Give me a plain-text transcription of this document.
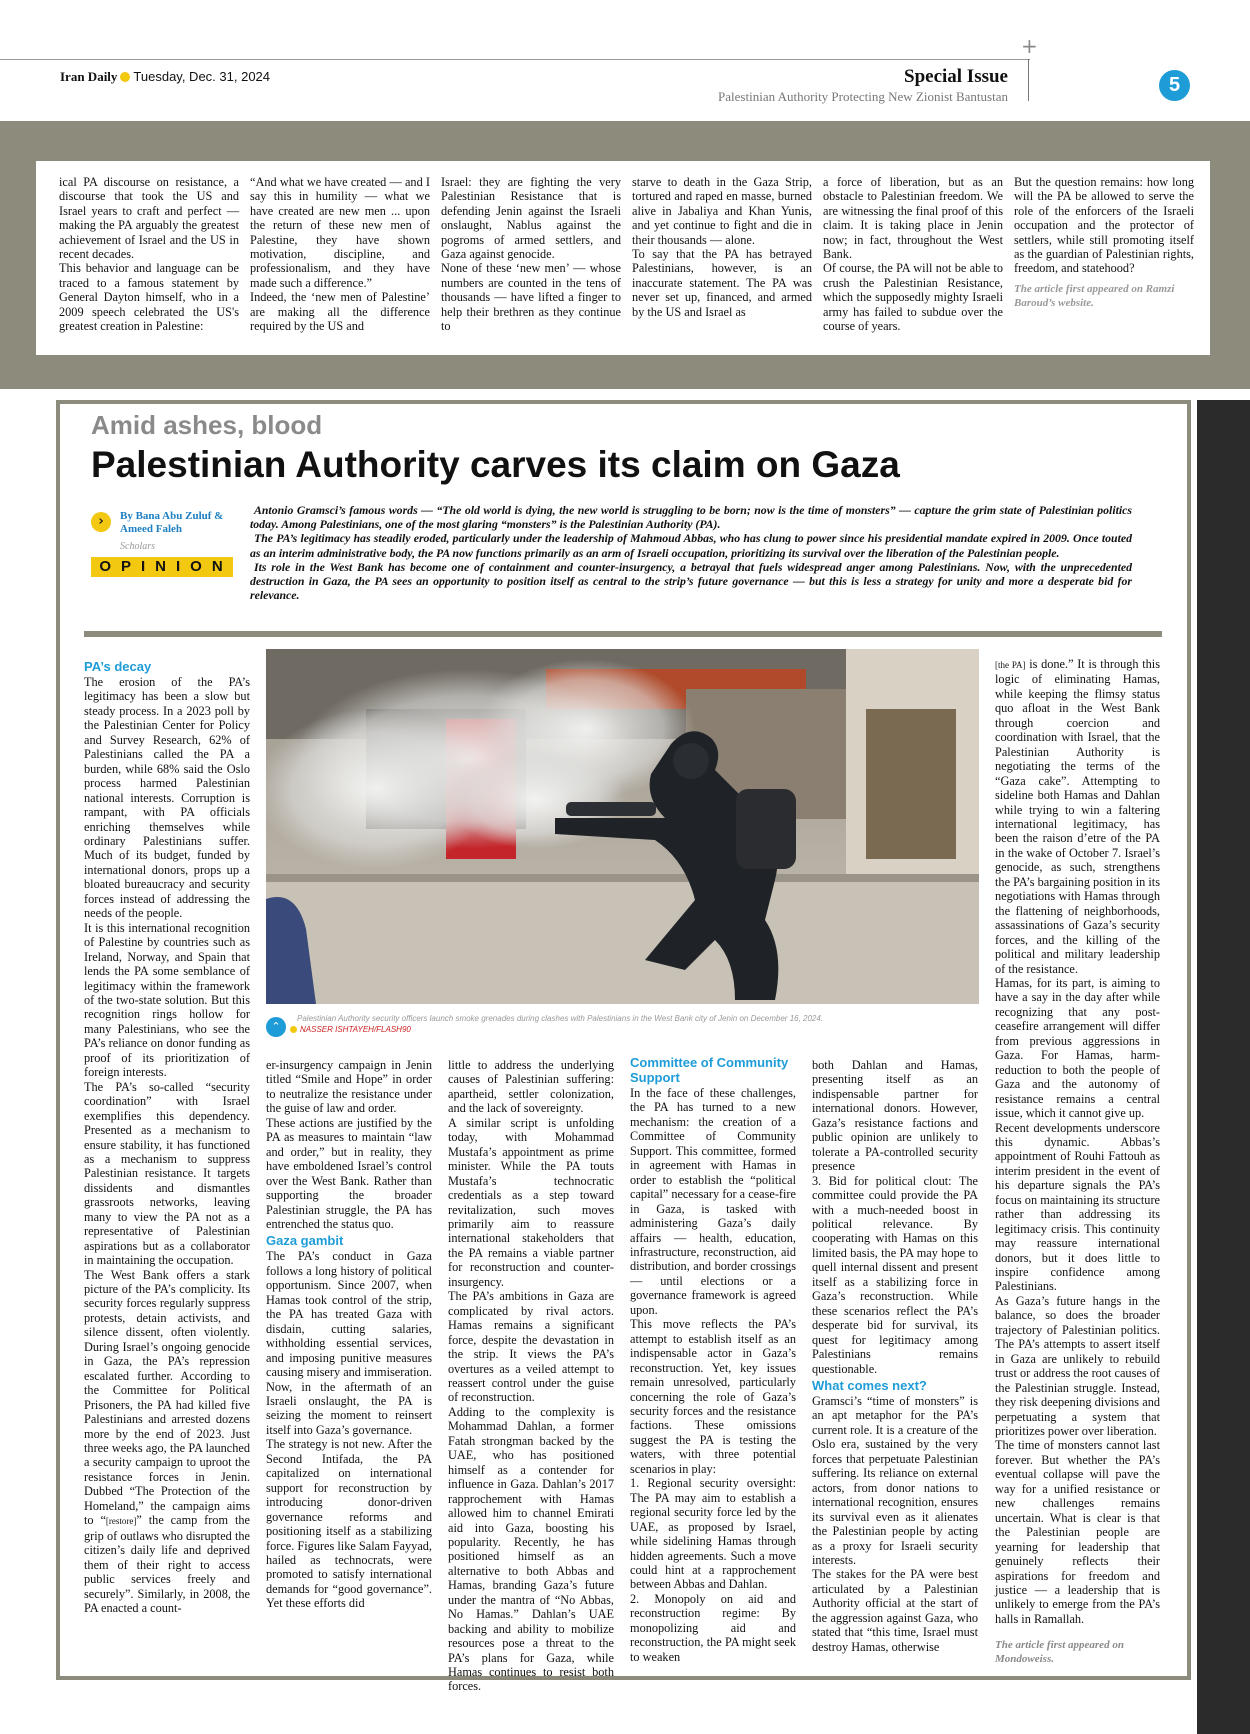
+
Iran Daily Tuesday, Dec. 31, 2024	Special Issue
Palestinian Authority Protecting New Zionist Bantustan
5

ical PA discourse on resistance, a discourse that took the US and Israel years to craft and perfect — making the PA arguably the greatest achievement of Israel and the US in recent decades.

This behavior and language can be traced to a famous statement by General Dayton himself, who in a 2009 speech celebrated the US's greatest creation in Palestine:

“And what we have created — and I say this in humility — what we have created are new men ... upon the return of these new men of Palestine, they have shown motivation, discipline, and professionalism, and they have made such a difference.”

Indeed, the ‘new men of Palestine’ are making all the difference required by the US and

Israel: they are fighting the very Palestinian Resistance that is defending Jenin against the Israeli onslaught, Nablus against the pogroms of armed settlers, and Gaza against genocide.

None of these ‘new men’ — whose numbers are counted in the tens of thousands — have lifted a finger to help their brethren as they continue to

starve to death in the Gaza Strip, tortured and raped en masse, burned alive in Jabaliya and Khan Yunis, and yet continue to fight and die in their thousands — alone.

To say that the PA has betrayed Palestinians, however, is an inaccurate statement. The PA was never set up, financed, and armed by the US and Israel as

a force of liberation, but as an obstacle to Palestinian freedom. We are witnessing the final proof of this claim. It is taking place in Jenin now; in fact, throughout the West Bank.

Of course, the PA will not be able to crush the Palestinian Resistance, which the supposedly mighty Israeli army has failed to subdue over the course of years.

But the question remains: how long will the PA be allowed to serve the role of the enforcers of the Israeli occupation and the protector of settlers, while still promoting itself as the guardian of Palestinian rights, freedom, and statehood?

The article first appeared on Ramzi Baroud’s website.

Amid ashes, blood
Palestinian Authority carves its claim on Gaza
›	By Bana Abu Zuluf & Ameed Faleh
Scholars
OPINION

Antonio Gramsci’s famous words — “The old world is dying, the new world is struggling to be born; now is the time of monsters” — capture the grim state of Palestinian politics today. Among Palestinians, one of the most glaring “monsters” is the Palestinian Authority (PA).

The PA’s legitimacy has steadily eroded, particularly under the leadership of Mahmoud Abbas, who has clung to power since his presidential mandate expired in 2009. Once touted as an interim administrative body, the PA now functions primarily as an arm of Israeli occupation, prioritizing its survival over the liberation of the Palestinian people.

Its role in the West Bank has become one of containment and counter-insurgency, a betrayal that fuels widespread anger among Palestinians. Now, with the unprecedented destruction in Gaza, the PA sees an opportunity to position itself as central to the strip’s future governance — but this is less a strategy for unity and more a desperate bid for relevance.

PA’s decay

The erosion of the PA’s legitimacy has been a slow but steady process. In a 2023 poll by the Palestinian Center for Policy and Survey Research, 62% of Palestinians called the PA a burden, while 68% said the Oslo process harmed Palestinian national interests. Corruption is rampant, with PA officials enriching themselves while ordinary Palestinians suffer. Much of its budget, funded by international donors, props up a bloated bureaucracy and security forces instead of addressing the needs of the people.

It is this international recognition of Palestine by countries such as Ireland, Norway, and Spain that lends the PA some semblance of legitimacy within the framework of the two-state solution. But this recognition rings hollow for many Palestinians, who see the PA’s reliance on donor funding as proof of its prioritization of foreign interests.

The PA’s so-called “security coordination” with Israel exemplifies this dependency. Presented as a mechanism to ensure stability, it has functioned as a mechanism to suppress Palestinian resistance. It targets dissidents and dismantles grassroots networks, leaving many to view the PA not as a representative of Palestinian aspirations but as a collaborator in maintaining the occupation.

The West Bank offers a stark picture of the PA’s complicity. Its security forces regularly suppress protests, detain activists, and silence dissent, often violently. During Israel’s ongoing genocide in Gaza, the PA’s repression escalated further. According to the Committee for Political Prisoners, the PA had killed five Palestinians and arrested dozens more by the end of 2023. Just three weeks ago, the PA launched a security campaign to uproot the resistance forces in Jenin. Dubbed “The Protection of the Homeland,” the campaign aims to “[restore]” the camp from the grip of outlaws who disrupted the citizen’s daily life and deprived them of their right to access public services freely and securely”. Similarly, in 2008, the PA enacted a count-

⌃
Palestinian Authority security officers launch smoke grenades during clashes with Palestinians in the West Bank city of Jenin on December 16, 2024.
NASSER ISHTAYEH/FLASH90

er-insurgency campaign in Jenin titled “Smile and Hope” in order to neutralize the resistance under the guise of law and order.

These actions are justified by the PA as measures to maintain “law and order,” but in reality, they have emboldened Israel’s control over the West Bank. Rather than supporting the broader Palestinian struggle, the PA has entrenched the status quo.

Gaza gambit

The PA’s conduct in Gaza follows a long history of political opportunism. Since 2007, when Hamas took control of the strip, the PA has treated Gaza with disdain, cutting salaries, withholding essential services, and imposing punitive measures causing misery and immiseration. Now, in the aftermath of an Israeli onslaught, the PA is seizing the moment to reinsert itself into Gaza’s governance.

The strategy is not new. After the Second Intifada, the PA capitalized on international support for reconstruction by introducing donor-driven governance reforms and positioning itself as a stabilizing force. Figures like Salam Fayyad, hailed as technocrats, were promoted to satisfy international demands for “good governance”. Yet these efforts did

little to address the underlying causes of Palestinian suffering: apartheid, settler colonization, and the lack of sovereignty.

A similar script is unfolding today, with Mohammad Mustafa’s appointment as prime minister. While the PA touts Mustafa’s technocratic credentials as a step toward revitalization, such moves primarily aim to reassure international stakeholders that the PA remains a viable partner for reconstruction and counter-insurgency.

The PA’s ambitions in Gaza are complicated by rival actors. Hamas remains a significant force, despite the devastation in the strip. It views the PA’s overtures as a veiled attempt to reassert control under the guise of reconstruction.

Adding to the complexity is Mohammad Dahlan, a former Fatah strongman backed by the UAE, who has positioned himself as a contender for influence in Gaza. Dahlan’s 2017 rapprochement with Hamas allowed him to channel Emirati aid into Gaza, boosting his popularity. Recently, he has positioned himself as an alternative to both Abbas and Hamas, branding Gaza’s future under the mantra of “No Abbas, No Hamas.” Dahlan’s UAE backing and ability to mobilize resources pose a threat to the PA’s plans for Gaza, while Hamas continues to resist both forces.

Committee of Community Support

In the face of these challenges, the PA has turned to a new mechanism: the creation of a Committee of Community Support. This committee, formed in agreement with Hamas in order to establish the “political capital” necessary for a cease-fire in Gaza, is tasked with administering Gaza’s daily affairs — health, education, infrastructure, reconstruction, aid distribution, and border crossings — until elections or a governance framework is agreed upon.

This move reflects the PA’s attempt to establish itself as an indispensable actor in Gaza’s reconstruction. Yet, key issues remain unresolved, particularly concerning the role of Gaza’s security forces and the resistance factions. These omissions suggest the PA is testing the waters, with three potential scenarios in play:

1. Regional security oversight: The PA may aim to establish a regional security force led by the UAE, as proposed by Israel, while sidelining Hamas through hidden agreements. Such a move could hint at a rapprochement between Abbas and Dahlan.

2. Monopoly on aid and reconstruction regime: By monopolizing aid and reconstruction, the PA might seek to weaken

both Dahlan and Hamas, presenting itself as an indispensable partner for international donors. However, Gaza’s resistance factions and public opinion are unlikely to tolerate a PA-controlled security presence

3. Bid for political clout: The committee could provide the PA with a much-needed boost in political relevance. By cooperating with Hamas on this limited basis, the PA may hope to quell internal dissent and present itself as a stabilizing force in Gaza’s reconstruction. While these scenarios reflect the PA’s desperate bid for survival, its quest for legitimacy among Palestinians remains questionable.

What comes next?

Gramsci’s “time of monsters” is an apt metaphor for the PA’s current role. It is a creature of the Oslo era, sustained by the very forces that perpetuate Palestinian suffering. Its reliance on external actors, from donor nations to international recognition, ensures its survival even as it alienates the Palestinian people by acting as a proxy for Israeli security interests.

The stakes for the PA were best articulated by a Palestinian Authority official at the start of the aggression against Gaza, who stated that “this time, Israel must destroy Hamas, otherwise

[the PA] is done.” It is through this logic of eliminating Hamas, while keeping the flimsy status quo afloat in the West Bank through coercion and coordination with Israel, that the Palestinian Authority is negotiating the terms of the “Gaza cake”. Attempting to sideline both Hamas and Dahlan while trying to win a faltering international legitimacy, has been the raison d’etre of the PA in the wake of October 7. Israel’s genocide, as such, strengthens the PA’s bargaining position in its negotiations with Hamas through the flattening of neighborhoods, assassinations of Gaza’s security forces, and the killing of the political and military leadership of the resistance.

Hamas, for its part, is aiming to have a say in the day after while recognizing that any post-ceasefire arrangement will differ from previous aggressions in Gaza. For Hamas, harm-reduction to both the people of Gaza and the autonomy of resistance remains a central issue, which it cannot give up.

Recent developments underscore this dynamic. Abbas’s appointment of Rouhi Fattouh as interim president in the event of his departure signals the PA’s focus on maintaining its structure rather than addressing its legitimacy crisis. This continuity may reassure international donors, but it does little to inspire confidence among Palestinians.

As Gaza’s future hangs in the balance, so does the broader trajectory of Palestinian politics. The PA’s attempts to assert itself in Gaza are unlikely to rebuild trust or address the root causes of the Palestinian struggle. Instead, they risk deepening divisions and perpetuating a system that prioritizes power over liberation.

The time of monsters cannot last forever. But whether the PA’s eventual collapse will pave the way for a unified resistance or new challenges remains uncertain. What is clear is that the Palestinian people are yearning for leadership that genuinely reflects their aspirations for freedom and justice — a leadership that is unlikely to emerge from the PA’s halls in Ramallah.

The article first appeared on Mondoweiss.
